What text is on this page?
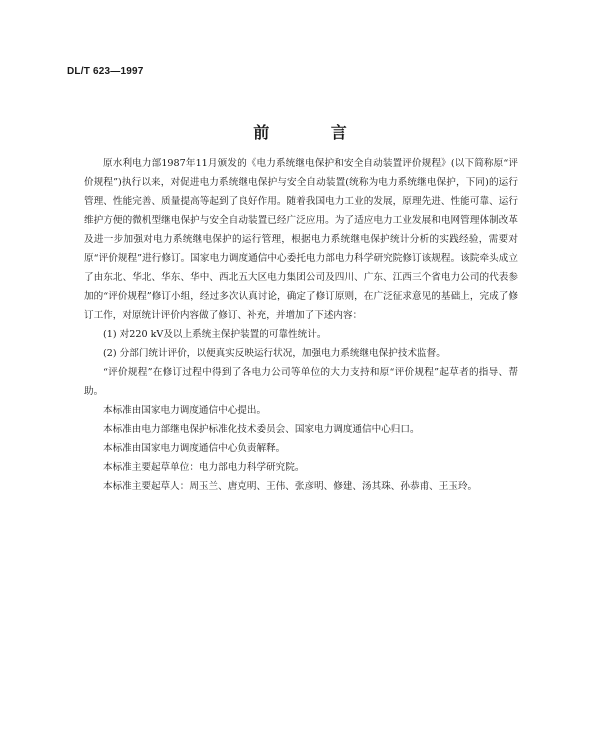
DL/T 623—1997
前 言

原水利电力部1987年11月颁发的《电力系统继电保护和安全自动装置评价规程》(以下简称原“评价规程”)执行以来，对促进电力系统继电保护与安全自动装置(统称为电力系统继电保护，下同)的运行管理、性能完善、质量提高等起到了良好作用。随着我国电力工业的发展，原理先进、性能可靠、运行维护方便的微机型继电保护与安全自动装置已经广泛应用。为了适应电力工业发展和电网管理体制改革及进一步加强对电力系统继电保护的运行管理，根据电力系统继电保护统计分析的实践经验，需要对原“评价规程”进行修订。国家电力调度通信中心委托电力部电力科学研究院修订该规程。该院牵头成立了由东北、华北、华东、华中、西北五大区电力集团公司及四川、广东、江西三个省电力公司的代表参加的“评价规程”修订小组，经过多次认真讨论，确定了修订原则，在广泛征求意见的基础上，完成了修订工作，对原统计评价内容做了修订、补充，并增加了下述内容：

(1) 对220 kV及以上系统主保护装置的可靠性统计。

(2) 分部门统计评价，以便真实反映运行状况，加强电力系统继电保护技术监督。

“评价规程”在修订过程中得到了各电力公司等单位的大力支持和原“评价规程”起草者的指导、帮助。

本标准由国家电力调度通信中心提出。

本标准由电力部继电保护标准化技术委员会、国家电力调度通信中心归口。

本标准由国家电力调度通信中心负责解释。

本标准主要起草单位：电力部电力科学研究院。

本标准主要起草人：周玉兰、唐克明、王伟、张彦明、修建、汤其珠、孙恭甫、王玉玲。
